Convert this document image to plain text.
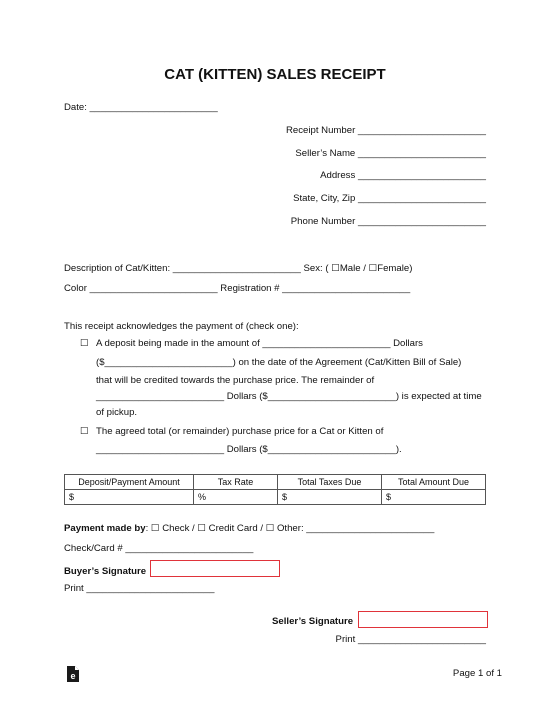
CAT (KITTEN) SALES RECEIPT
Date: ________________________
Receipt Number ________________________
Seller’s Name ________________________
Address ________________________
State, City, Zip ________________________
Phone Number ________________________
Description of Cat/Kitten: ________________________ Sex: ( ☐Male / ☐Female)
Color ________________________ Registration # ________________________
This receipt acknowledges the payment of (check one):
☐ A deposit being made in the amount of ________________________ Dollars
($________________________) on the date of the Agreement (Cat/Kitten Bill of Sale)
that will be credited towards the purchase price. The remainder of
________________________ Dollars ($________________________) is expected at time
of pickup.
☐ The agreed total (or remainder) purchase price for a Cat or Kitten of
________________________ Dollars ($________________________).
Deposit/Payment Amount	Tax Rate	Total Taxes Due	Total Amount Due
$	%	$	$
Payment made by: ☐ Check / ☐ Credit Card / ☐ Other: ________________________
Check/Card # ________________________
Buyer’s Signature
Print ________________________
Seller’s Signature
Print ________________________
e	Page 1 of 1
